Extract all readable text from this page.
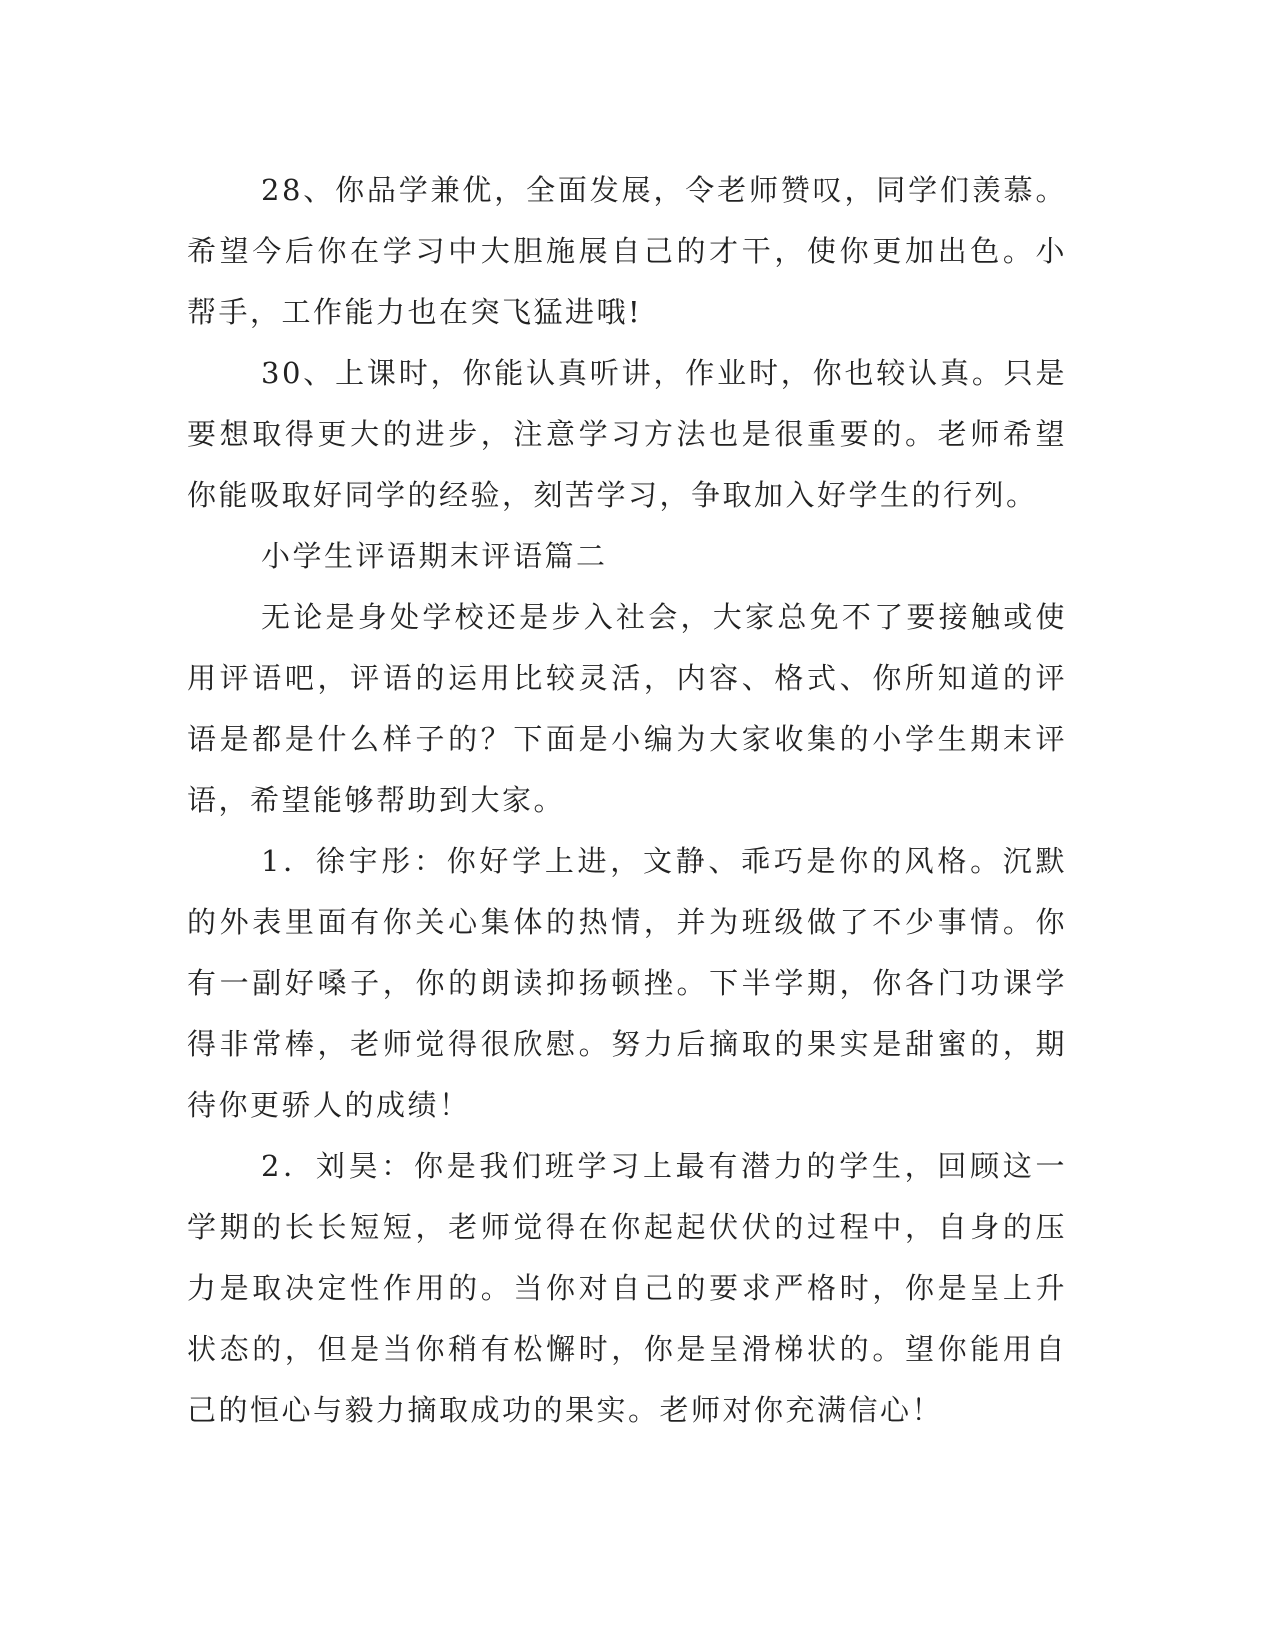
28、你品学兼优，全面发展，令老师赞叹，同学们羡慕。希望今后你在学习中大胆施展自己的才干，使你更加出色。小帮手，工作能力也在突飞猛进哦!

30、上课时，你能认真听讲，作业时，你也较认真。只是要想取得更大的进步，注意学习方法也是很重要的。老师希望你能吸取好同学的经验，刻苦学习，争取加入好学生的行列。

小学生评语期末评语篇二

无论是身处学校还是步入社会，大家总免不了要接触或使用评语吧，评语的运用比较灵活，内容、格式、你所知道的评语是都是什么样子的？下面是小编为大家收集的小学生期末评语，希望能够帮助到大家。

1．徐宇彤：你好学上进，文静、乖巧是你的风格。沉默的外表里面有你关心集体的热情，并为班级做了不少事情。你有一副好嗓子，你的朗读抑扬顿挫。下半学期，你各门功课学得非常棒，老师觉得很欣慰。努力后摘取的果实是甜蜜的，期待你更骄人的成绩！

2．刘昊：你是我们班学习上最有潜力的学生，回顾这一学期的长长短短，老师觉得在你起起伏伏的过程中，自身的压力是取决定性作用的。当你对自己的要求严格时，你是呈上升状态的，但是当你稍有松懈时，你是呈滑梯状的。望你能用自己的恒心与毅力摘取成功的果实。老师对你充满信心！
